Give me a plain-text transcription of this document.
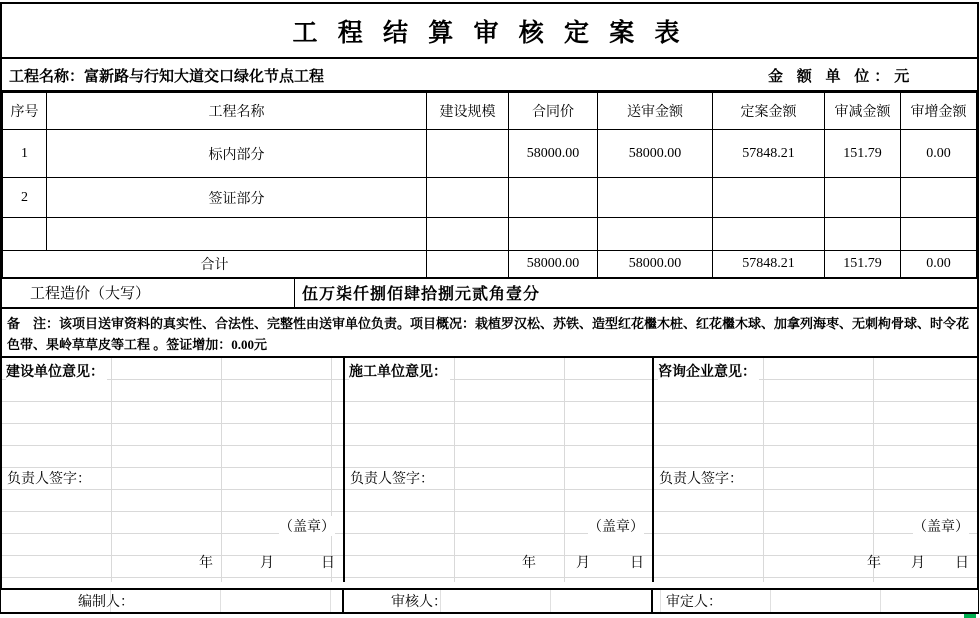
工 程 结 算 审 核 定 案 表
工程名称：富新路与行知大道交口绿化节点工程	金 额 单 位：元
序号	工程名称	建设规模	合同价	送审金额	定案金额	审减金额	审增金额
1	标内部分		58000.00	58000.00	57848.21	151.79	0.00
2	签证部分						

合计			58000.00	58000.00	57848.21	151.79	0.00
工程造价（大写）	伍万柒仟捌佰肆拾捌元贰角壹分
备　注：该项目送审资料的真实性、合法性、完整性由送审单位负责。项目概况：栽植罗汉松、苏铁、造型红花檵木桩、红花檵木球、加拿列海枣、无刺枸骨球、时令花色带、果岭草草皮等工程 。签证增加：0.00元
建设单位意见：
负责人签字：
（盖章）
年	月	日
施工单位意见：
负责人签字：
（盖章）
年	月	日
咨询企业意见：
负责人签字：
（盖章）
年 月 日
编制人：	审核人：	审定人：
